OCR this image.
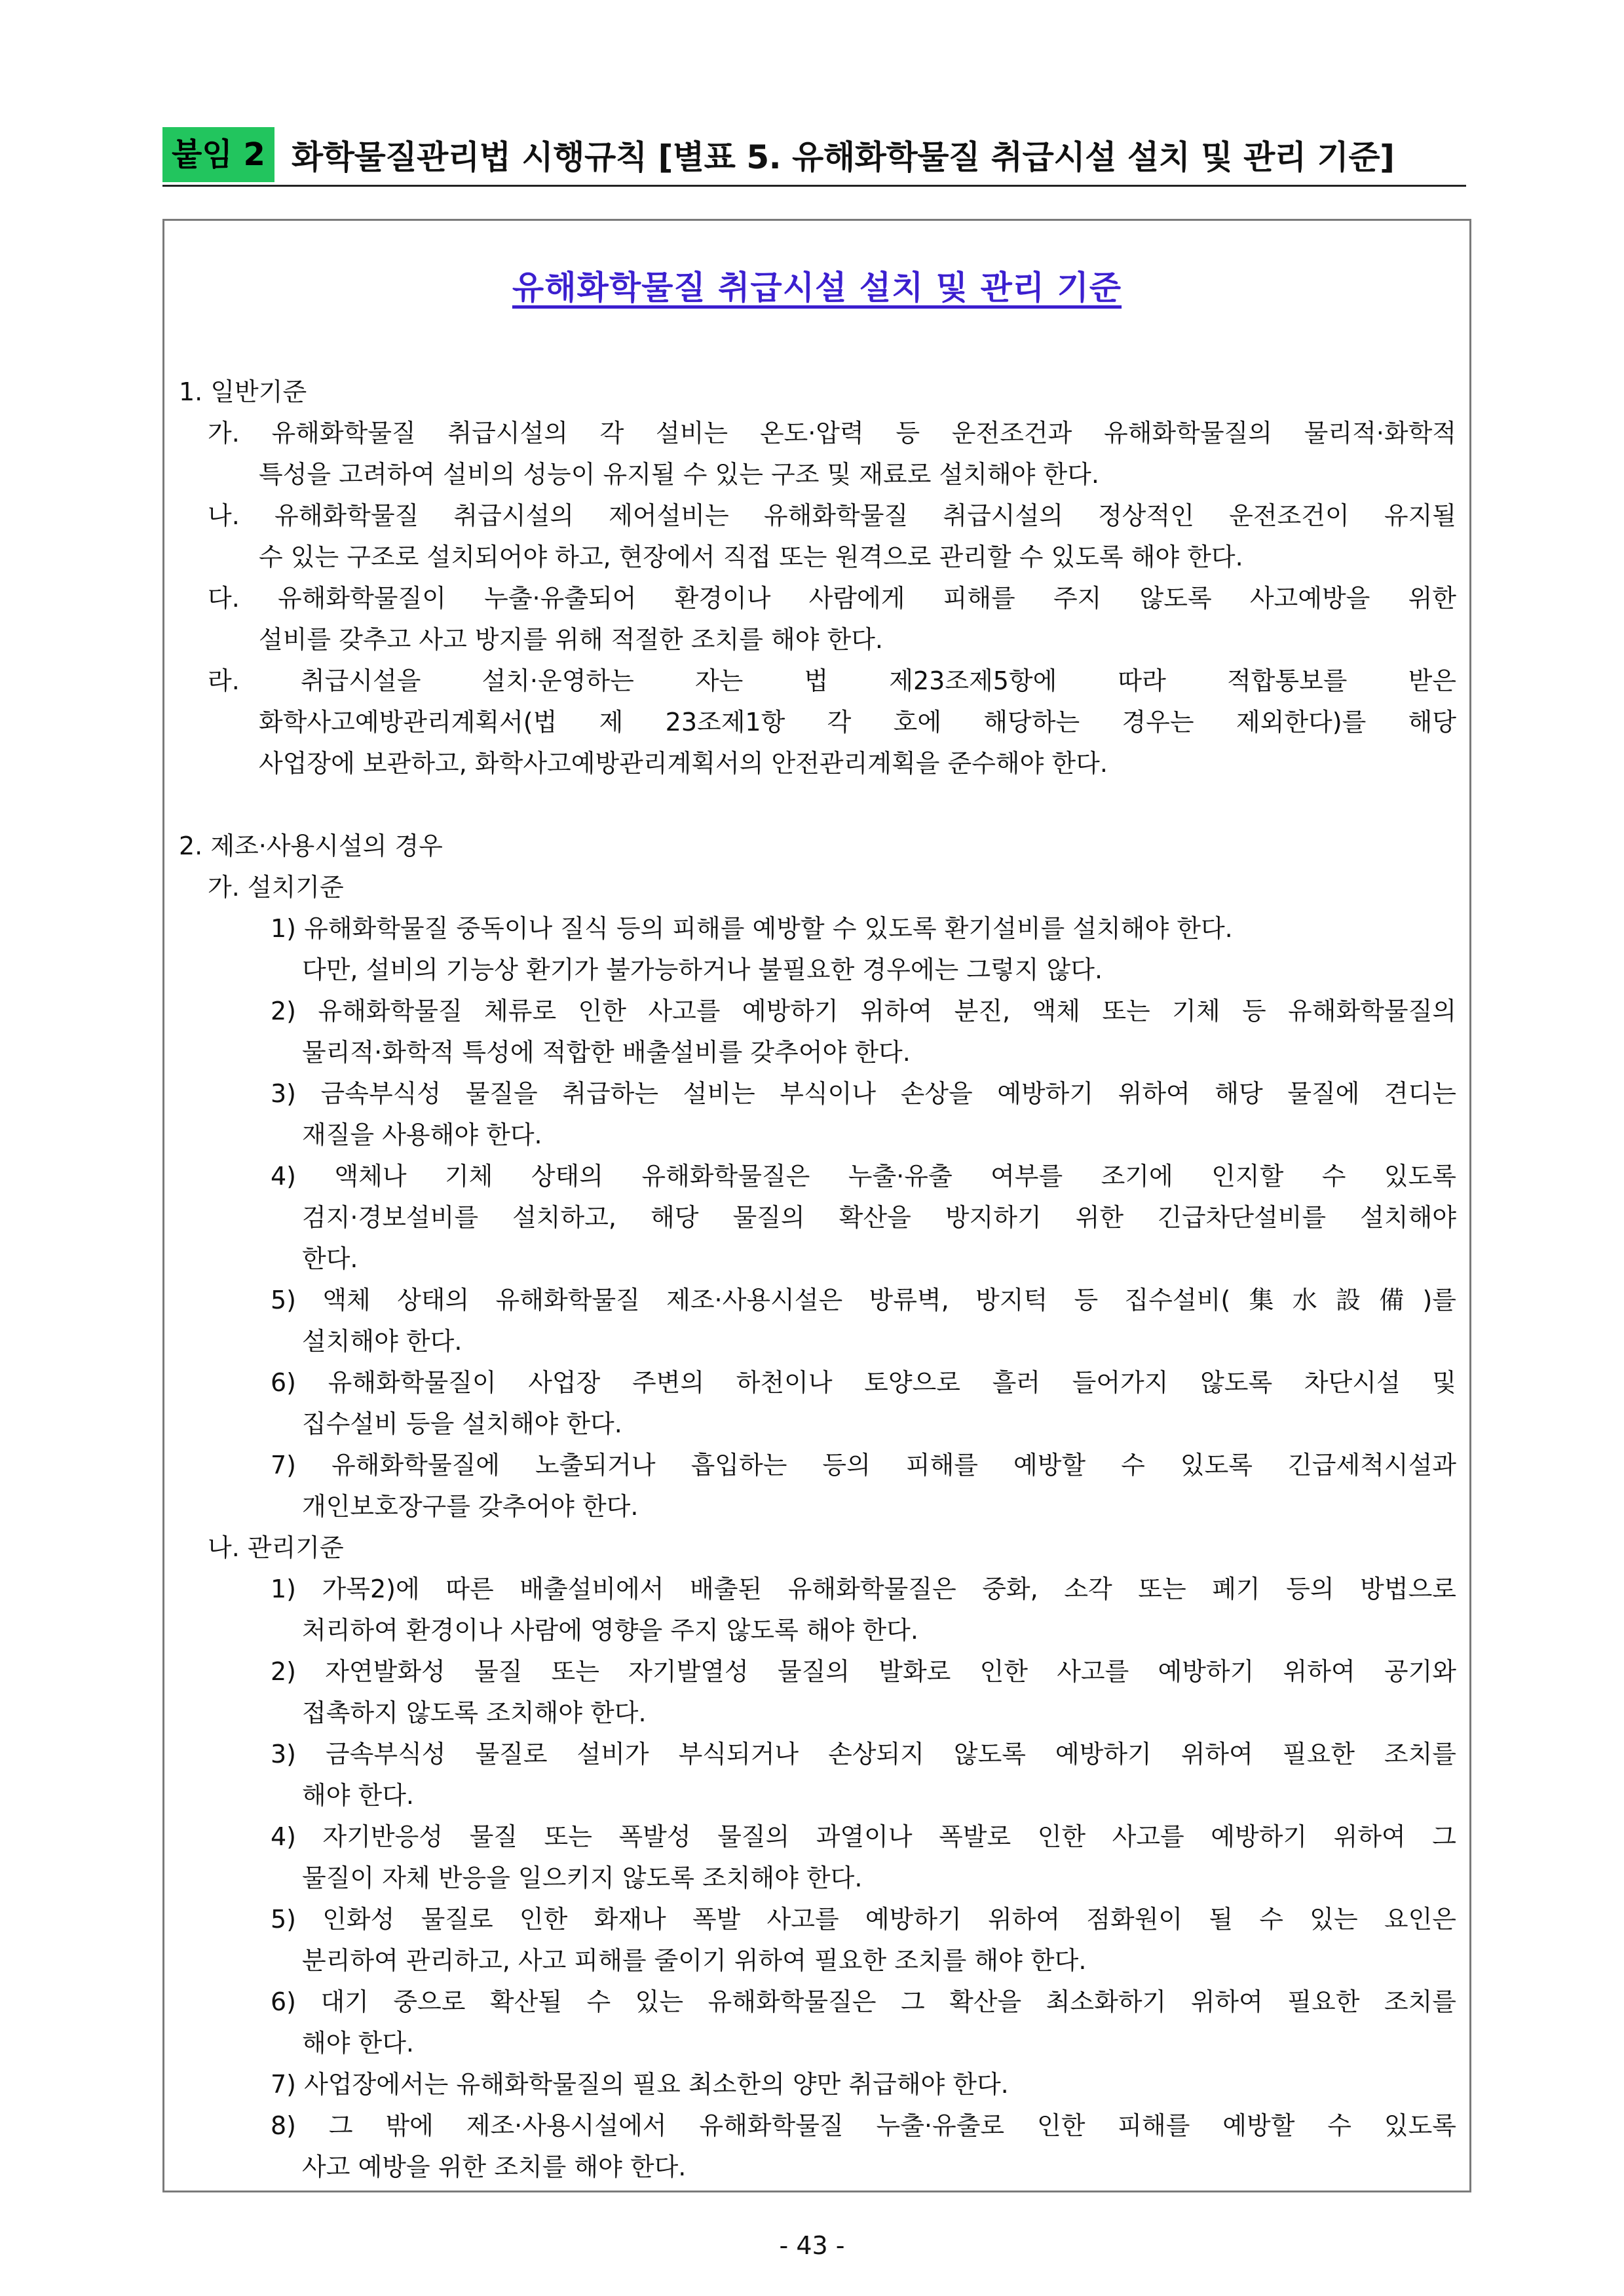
붙임 2 화학물질관리법 시행규칙 [별표 5. 유해화학물질 취급시설 설치 및 관리 기준]
유해화학물질 취급시설 설치 및 관리 기준
1. 일반기준
가. 유해화학물질 취급시설의 각 설비는 온도·압력 등 운전조건과 유해화학물질의 물리적·화학적
특성을 고려하여 설비의 성능이 유지될 수 있는 구조 및 재료로 설치해야 한다.
나. 유해화학물질 취급시설의 제어설비는 유해화학물질 취급시설의 정상적인 운전조건이 유지될
수 있는 구조로 설치되어야 하고, 현장에서 직접 또는 원격으로 관리할 수 있도록 해야 한다.
다. 유해화학물질이 누출·유출되어 환경이나 사람에게 피해를 주지 않도록 사고예방을 위한
설비를 갖추고 사고 방지를 위해 적절한 조치를 해야 한다.
라. 취급시설을 설치·운영하는 자는 법 제23조제5항에 따라 적합통보를 받은
화학사고예방관리계획서(법 제 23조제1항 각 호에 해당하는 경우는 제외한다)를 해당
사업장에 보관하고, 화학사고예방관리계획서의 안전관리계획을 준수해야 한다.
2. 제조·사용시설의 경우
가. 설치기준
1) 유해화학물질 중독이나 질식 등의 피해를 예방할 수 있도록 환기설비를 설치해야 한다.
다만, 설비의 기능상 환기가 불가능하거나 불필요한 경우에는 그렇지 않다.
2) 유해화학물질 체류로 인한 사고를 예방하기 위하여 분진, 액체 또는 기체 등 유해화학물질의
물리적·화학적 특성에 적합한 배출설비를 갖추어야 한다.
3) 금속부식성 물질을 취급하는 설비는 부식이나 손상을 예방하기 위하여 해당 물질에 견디는
재질을 사용해야 한다.
4) 액체나 기체 상태의 유해화학물질은 누출·유출 여부를 조기에 인지할 수 있도록
검지·경보설비를 설치하고, 해당 물질의 확산을 방지하기 위한 긴급차단설비를 설치해야
한다.
5) 액체 상태의 유해화학물질 제조·사용시설은 방류벽, 방지턱 등 집수설비(集水設備)를
설치해야 한다.
6) 유해화학물질이 사업장 주변의 하천이나 토양으로 흘러 들어가지 않도록 차단시설 및
집수설비 등을 설치해야 한다.
7) 유해화학물질에 노출되거나 흡입하는 등의 피해를 예방할 수 있도록 긴급세척시설과
개인보호장구를 갖추어야 한다.
나. 관리기준
1) 가목2)에 따른 배출설비에서 배출된 유해화학물질은 중화, 소각 또는 폐기 등의 방법으로
처리하여 환경이나 사람에 영향을 주지 않도록 해야 한다.
2) 자연발화성 물질 또는 자기발열성 물질의 발화로 인한 사고를 예방하기 위하여 공기와
접촉하지 않도록 조치해야 한다.
3) 금속부식성 물질로 설비가 부식되거나 손상되지 않도록 예방하기 위하여 필요한 조치를
해야 한다.
4) 자기반응성 물질 또는 폭발성 물질의 과열이나 폭발로 인한 사고를 예방하기 위하여 그
물질이 자체 반응을 일으키지 않도록 조치해야 한다.
5) 인화성 물질로 인한 화재나 폭발 사고를 예방하기 위하여 점화원이 될 수 있는 요인은
분리하여 관리하고, 사고 피해를 줄이기 위하여 필요한 조치를 해야 한다.
6) 대기 중으로 확산될 수 있는 유해화학물질은 그 확산을 최소화하기 위하여 필요한 조치를
해야 한다.
7) 사업장에서는 유해화학물질의 필요 최소한의 양만 취급해야 한다.
8) 그 밖에 제조·사용시설에서 유해화학물질 누출·유출로 인한 피해를 예방할 수 있도록
사고 예방을 위한 조치를 해야 한다.
- 43 -
